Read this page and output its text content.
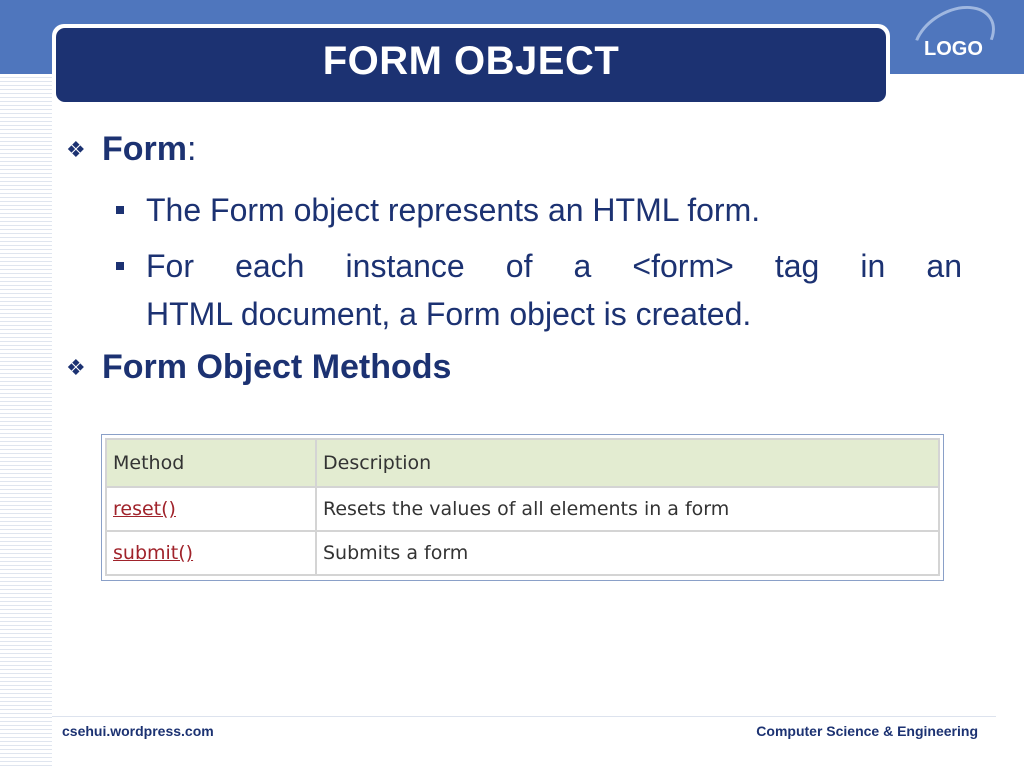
FORM OBJECT	LOGO
❖ Form :
The Form object represents an HTML form.
For each instance of a <form> tag in an
HTML document, a Form object is created.
❖ Form Object Methods
Method	Description
reset()	Resets the values of all elements in a form
submit()	Submits a form
csehui.wordpress.com	Computer Science & Engineering
